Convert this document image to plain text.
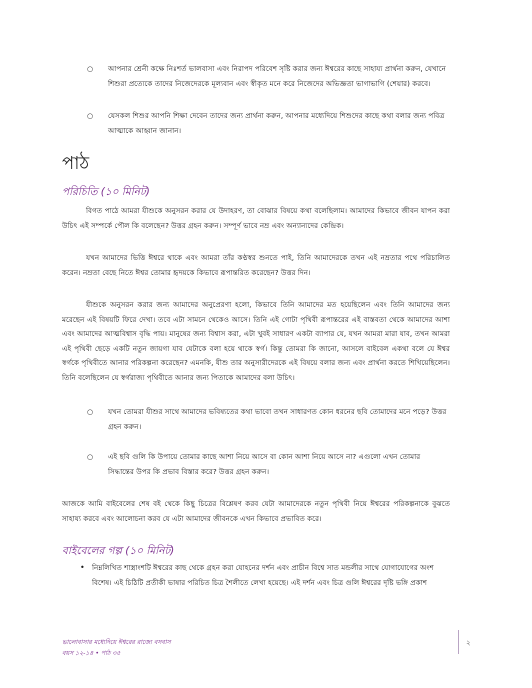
○ আপনার শ্রেনী কক্ষে নিঃশর্ত ভালবাসা এবং নিরাপদ পরিবেশ সৃষ্টি করার জন্য ঈশ্বরের কাছে সাহায্য প্রার্থনা করুন, যেখানে শিশুরা প্রত্যেকে তাদের নিজেদেরকে মূল্যবান এবং স্বীকৃত মনে করে নিজেদের অভিজ্ঞতা ভাগাভাগি (শেয়ার) করবে।
○ যেসকল শিশুর আপনি শিক্ষা দেবেন তাদের জন্য প্রার্থনা করুন, আপনার মধ্যেদিয়ে শিশুদের কাছে কথা বলার জন্য পবিত্র আত্মাকে আহ্বান জানান।
পাঠ
পরিচিতি (১০ মিনিট)
বিগত পাঠে আমরা যীশুকে অনুসরন করার যে উদাহরণ, তা বোঝার বিষয়ে কথা বলেছিলাম। আমাদের কিভাবে জীবন যাপন করা উচিৎ এই সম্পর্কে পৌল কি বলেছেন? উত্তর গ্রহন করুন। সম্পূর্ণ ভাবে নম্র এবং অন্যান্যদের কেন্দ্রিক।
যখন আমাদের ভিত্তি ঈশ্বরে থাকে এবং আমরা তাঁর কণ্ঠস্বর শুনতে পাই, তিনি আমাদেরকে তখন এই নম্রতার পথে পরিচালিত করেন। নম্রতা বেছে নিতে ঈশ্বর তোমার হৃদয়কে কিভাবে রূপান্তরিত করেছেন? উত্তর দিন।
যীশুকে অনুসরন করার জন্য আমাদের অনুপ্রেরণা হলো, কিভাবে তিনি আমাদের মত হয়েছিলেন এবং তিনি আমাদের জন্য মরেছেন এই বিষয়টি ফিরে দেখা। তবে এটা সামনে থেকেও আসে। তিনি এই গোটা পৃথিবী রূপান্তরের এই বাস্তবতা থেকে আমাদের আশা এবং আমাদের আত্মবিশ্বাস বৃদ্ধি পায়। মানুষের জন্য বিশ্বাস করা, এটা খুবই সাধারণ একটা ব্যাপার যে, যখন আমরা মারা যাব, তখন আমরা এই পৃথিবী ছেড়ে একটি নতুন জায়গা যাব যেটাকে বলা হয়ে থাকে স্বর্গ। কিন্তু তোমরা কি জানো, আসলে বাইবেল একথা বলে যে ঈশ্বর স্বর্গকে পৃথিবীতে আনার পরিকল্পনা করেছেন? এমনকি, যীশু তার অনুসারীদেরকে এই বিষয়ে বলার জন্য এবং প্রার্থনা করতে শিখিয়েছিলেন। তিনি বলেছিলেন যে স্বর্গরাজ্য পৃথিবীতে আনার জন্য পিতাকে আমাদের বলা উচিৎ।
○ যখন তোমরা যীশুর সাথে আমাদের ভবিষ্যতের কথা ভাবো তখন সাধারণত কোন ধরনের ছবি তোমাদের মনে পড়ে? উত্তর গ্রহন করুন।
○ এই ছবি গুলি কি উপায়ে তোমার কাছে আশা নিয়ে আসে বা কোন আশা নিয়ে আসে না? এগুলো এখন তোমার সিদ্ধান্তের উপর কি প্রভাব বিস্তার করে? উত্তর গ্রহন করুন।
আজকে আমি বাইবেলের শেষ বই থেকে কিছু চিত্রের বিশ্লেষণ করব যেটা আমাদেরকে নতুন পৃথিবী নিয়ে ঈশ্বরের পরিকল্পনাকে বুঝতে সাহায্য করবে এবং আলোচনা করব যে এটা আমাদের জীবনকে এখন কিভাবে প্রভাবিত করে।
বাইবেলের গল্প (১০ মিনিট)
• নিম্নলিখিত শাস্ত্রাংশটি ঈশ্বরের কাছ থেকে গ্রহন করা যোহনের দর্শন এবং প্রাচীন বিশ্বে সাত মন্ডলীর সাথে যোগাযোগের অংশ বিশেষ। এই চিঠিটি প্রতীকী ভাষার পরিচিত চিত্র শৈলীতে লেখা হয়েছে। এই দর্শন এবং চিত্র গুলি ঈশ্বরের দৃষ্টি ভঙ্গি প্রকাশ
ভালোবাসার মধ্যেদিয়ে ঈশ্বরের রাজ্যে বসবাস
বয়স ১২-১৪ • পাঠ ৩৫
২
